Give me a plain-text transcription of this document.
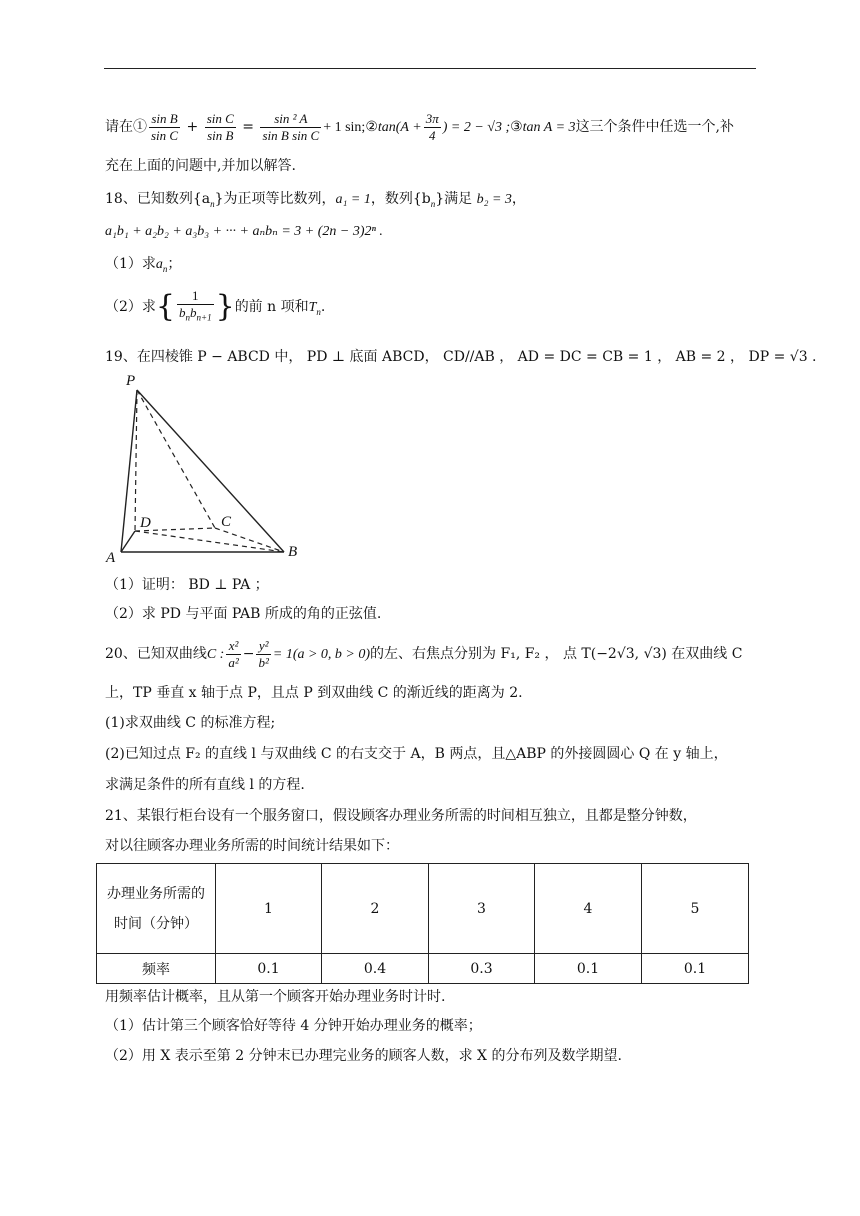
请在① $\frac{\text{sin B}}{\text{sin C}} + \frac{\text{sin C}}{\text{sin B}} = \frac{\text{sin ² A}}{\text{sin B sin C}} + 1$ sin;②tan(A + $\frac{3\pi}{4}$ ) = 2 − √3 ;③tan A = 3这三个条件中任选一个,补
充在上面的问题中,并加以解答.
18、已知数列$\{a_n\}$为正项等比数列，a₁ = 1，数列$\{b_n\}$满足 b₂ = 3，
a₁b₁ + a₂b₂ + a₃b₃ + ··· + aₙbₙ = 3 + (2n − 3)2ⁿ .
（1）求$a_n$；
（2）求{ $\frac{1}{b_nb_{n+1}}$ }的前 n 项和$T_n$.
19、在四棱锥 P − ABCD 中， PD ⊥ 底面 ABCD， CD//AB ， AD = DC = CB = 1 ， AB = 2 ， DP = √3 .
P
D	C
A	B
（1）证明： BD ⊥ PA ；
（2）求 PD 与平面 PAB 所成的角的正弦值.
20、已知双曲线C : $\frac{\text{x²}}{\text{a²}} - \frac{\text{y²}}{\text{b²}} = 1(a > 0$, b > 0)的左、右焦点分别为 F₁, F₂ ， 点 T(−2√3, √3) 在双曲线 C
上，TP 垂直 x 轴于点 P，且点 P 到双曲线 C 的渐近线的距离为 2.
(1)求双曲线 C 的标准方程;
(2)已知过点 F₂ 的直线 l 与双曲线 C 的右支交于 A，B 两点，且△ABP 的外接圆圆心 Q 在 y 轴上，
求满足条件的所有直线 l 的方程.
21、某银行柜台设有一个服务窗口，假设顾客办理业务所需的时间相互独立，且都是整分钟数，
对以往顾客办理业务所需的时间统计结果如下：
办理业务所需的时间（分钟）	1	2	3	4	5
频率	0.1	0.4	0.3	0.1	0.1
用频率估计概率，且从第一个顾客开始办理业务时计时.
（1）估计第三个顾客恰好等待 4 分钟开始办理业务的概率；
（2）用 X 表示至第 2 分钟末已办理完业务的顾客人数，求 X 的分布列及数学期望.
